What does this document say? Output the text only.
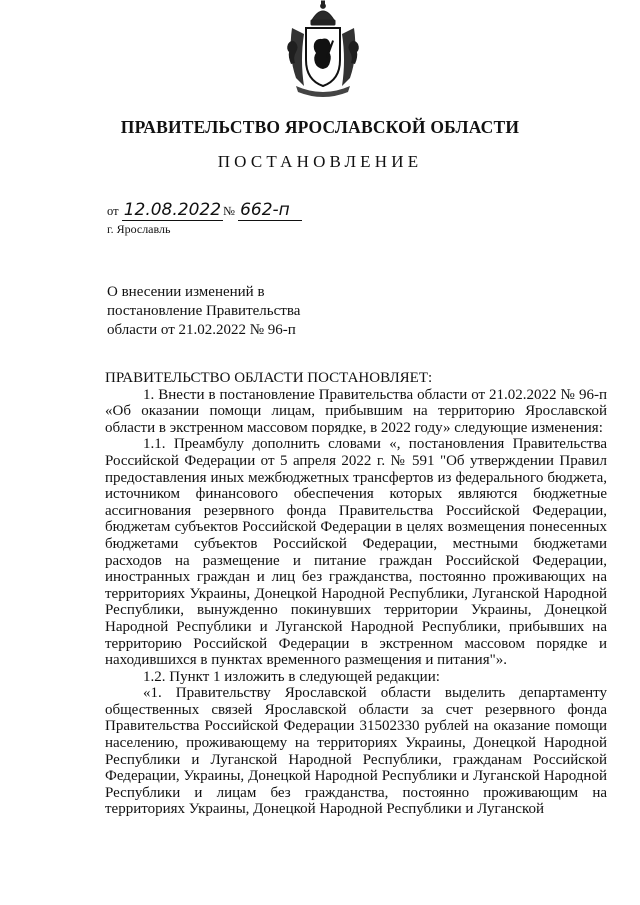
ПРАВИТЕЛЬСТВО ЯРОСЛАВСКОЙ ОБЛАСТИ
ПОСТАНОВЛЕНИЕ
от 12.08.2022 № 662-п
г. Ярославль
О внесении изменений в
постановление Правительства
области от 21.02.2022 № 96-п

ПРАВИТЕЛЬСТВО ОБЛАСТИ ПОСТАНОВЛЯЕТ:

1. Внести в постановление Правительства области от 21.02.2022 № 96-п «Об оказании помощи лицам, прибывшим на территорию Ярославской области в экстренном массовом порядке, в 2022 году» следующие изменения:

1.1. Преамбулу дополнить словами «, постановления Правительства Российской Федерации от 5 апреля 2022 г. № 591 "Об утверждении Правил предоставления иных межбюджетных трансфертов из федерального бюджета, источником финансового обеспечения которых являются бюджетные ассигнования резервного фонда Правительства Российской Федерации, бюджетам субъектов Российской Федерации в целях возмещения понесенных бюджетами субъектов Российской Федерации, местными бюджетами расходов на размещение и питание граждан Российской Федерации, иностранных граждан и лиц без гражданства, постоянно проживающих на территориях Украины, Донецкой Народной Республики, Луганской Народной Республики, вынужденно покинувших территории Украины, Донецкой Народной Республики и Луганской Народной Республики, прибывших на территорию Российской Федерации в экстренном массовом порядке и находившихся в пунктах временного размещения и питания"».

1.2. Пункт 1 изложить в следующей редакции:

«1. Правительству Ярославской области выделить департаменту общественных связей Ярославской области за счет резервного фонда Правительства Российской Федерации 31502330 рублей на оказание помощи населению, проживающему на территориях Украины, Донецкой Народной Республики и Луганской Народной Республики, гражданам Российской Федерации, Украины, Донецкой Народной Республики и Луганской Народной Республики и лицам без гражданства, постоянно проживающим на территориях Украины, Донецкой Народной Республики и Луганской
